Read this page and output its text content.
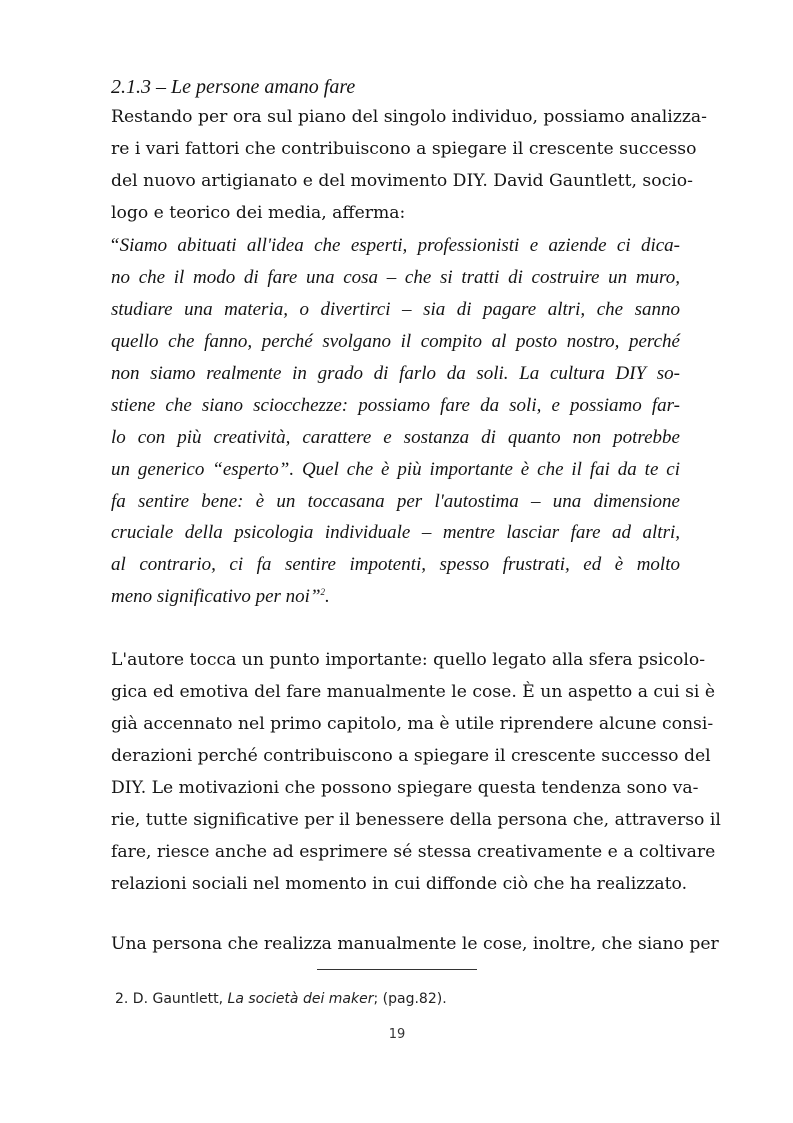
2.1.3 – Le persone amano fare
Restando per ora sul piano del singolo individuo, possiamo analizza-
re i vari fattori che contribuiscono a spiegare il crescente successo
del nuovo artigianato e del movimento DIY. David Gauntlett, socio-
logo e teorico dei media, afferma:
“Siamo abituati all'idea che esperti, professionisti e aziende ci dica-
no che il modo di fare una cosa – che si tratti di costruire un muro,
studiare una materia, o divertirci – sia di pagare altri, che sanno
quello che fanno, perché svolgano il compito al posto nostro, perché
non siamo realmente in grado di farlo da soli. La cultura DIY so-
stiene che siano sciocchezze: possiamo fare da soli, e possiamo far-
lo con più creatività, carattere e sostanza di quanto non potrebbe
un generico “esperto”. Quel che è più importante è che il fai da te ci
fa sentire bene: è un toccasana per l'autostima – una dimensione
cruciale della psicologia individuale – mentre lasciar fare ad altri,
al contrario, ci fa sentire impotenti, spesso frustrati, ed è molto
meno significativo per noi”$^2$.
L'autore tocca un punto importante: quello legato alla sfera psicolo-
gica ed emotiva del fare manualmente le cose. È un aspetto a cui si è
già accennato nel primo capitolo, ma è utile riprendere alcune consi-
derazioni perché contribuiscono a spiegare il crescente successo del
DIY. Le motivazioni che possono spiegare questa tendenza sono va-
rie, tutte significative per il benessere della persona che, attraverso il
fare, riesce anche ad esprimere sé stessa creativamente e a coltivare
relazioni sociali nel momento in cui diffonde ciò che ha realizzato.
Una persona che realizza manualmente le cose, inoltre, che siano per
2. D. Gauntlett, La società dei maker; (pag.82).
19
